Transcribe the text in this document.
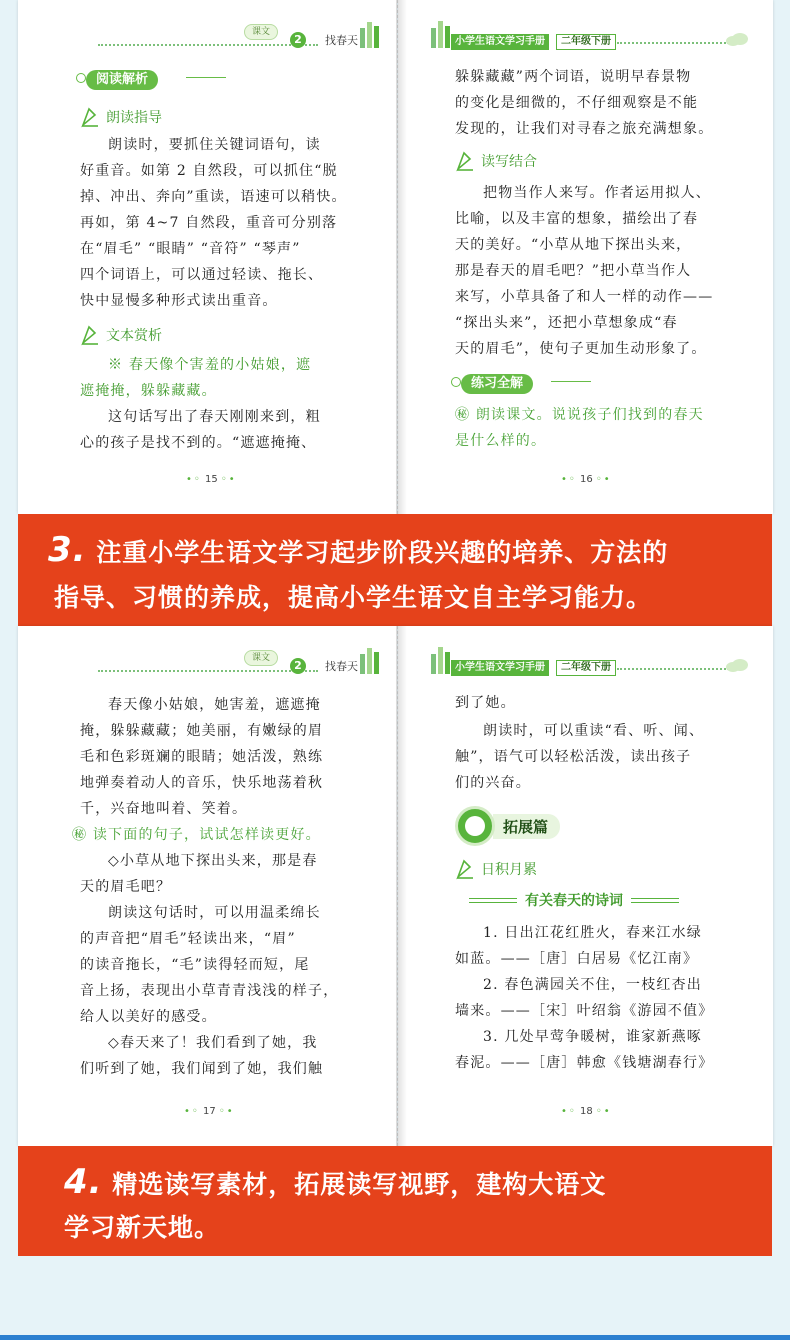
课文
2	找春天
阅读解析
朗读指导

朗读时，要抓住关键词语句，读

好重音。如第 2 自然段，可以抓住“脱

掉、冲出、奔向”重读，语速可以稍快。

再如，第 4~7 自然段，重音可分别落

在“眉毛” “眼睛” “音符” “琴声”

四个词语上，可以通过轻读、拖长、

快中显慢多种形式读出重音。

文本赏析

※ 春天像个害羞的小姑娘，遮

遮掩掩，躲躲藏藏。

这句话写出了春天刚刚来到，粗

心的孩子是找不到的。“遮遮掩掩、

•◦ 15 ◦•
小学生语文学习手册	二年级下册

躲躲藏藏”两个词语，说明早春景物

的变化是细微的，不仔细观察是不能

发现的，让我们对寻春之旅充满想象。

读写结合

把物当作人来写。作者运用拟人、

比喻，以及丰富的想象，描绘出了春

天的美好。“小草从地下探出头来，

那是春天的眉毛吧？”把小草当作人

来写，小草具备了和人一样的动作——

“探出头来”，还把小草想象成“春

天的眉毛”，使句子更加生动形象了。

练习全解

㊙ 朗读课文。说说孩子们找到的春天

是什么样的。

•◦ 16 ◦•
3. 注重小学生语文学习起步阶段兴趣的培养、方法的
指导、习惯的养成，提高小学生语文自主学习能力。
课文
2	找春天

春天像小姑娘，她害羞，遮遮掩

掩，躲躲藏藏；她美丽，有嫩绿的眉

毛和色彩斑斓的眼睛；她活泼，熟练

地弹奏着动人的音乐，快乐地荡着秋

千，兴奋地叫着、笑着。

㊙ 读下面的句子，试试怎样读更好。

◇小草从地下探出头来，那是春

天的眉毛吧？

朗读这句话时，可以用温柔绵长

的声音把“眉毛”轻读出来，“眉”

的读音拖长，“毛”读得轻而短，尾

音上扬，表现出小草青青浅浅的样子，

给人以美好的感受。

◇春天来了！我们看到了她，我

们听到了她，我们闻到了她，我们触

•◦ 17 ◦•
小学生语文学习手册	二年级下册

到了她。

朗读时，可以重读“看、听、闻、

触”，语气可以轻松活泼，读出孩子

们的兴奋。

拓展篇
日积月累
有关春天的诗词

1. 日出江花红胜火，春来江水绿

如蓝。——［唐］白居易《忆江南》

2. 春色满园关不住，一枝红杏出

墙来。——［宋］叶绍翁《游园不值》

3. 几处早莺争暖树，谁家新燕啄

春泥。——［唐］韩愈《钱塘湖春行》

•◦ 18 ◦•
4. 精选读写素材，拓展读写视野，建构大语文
学习新天地。
